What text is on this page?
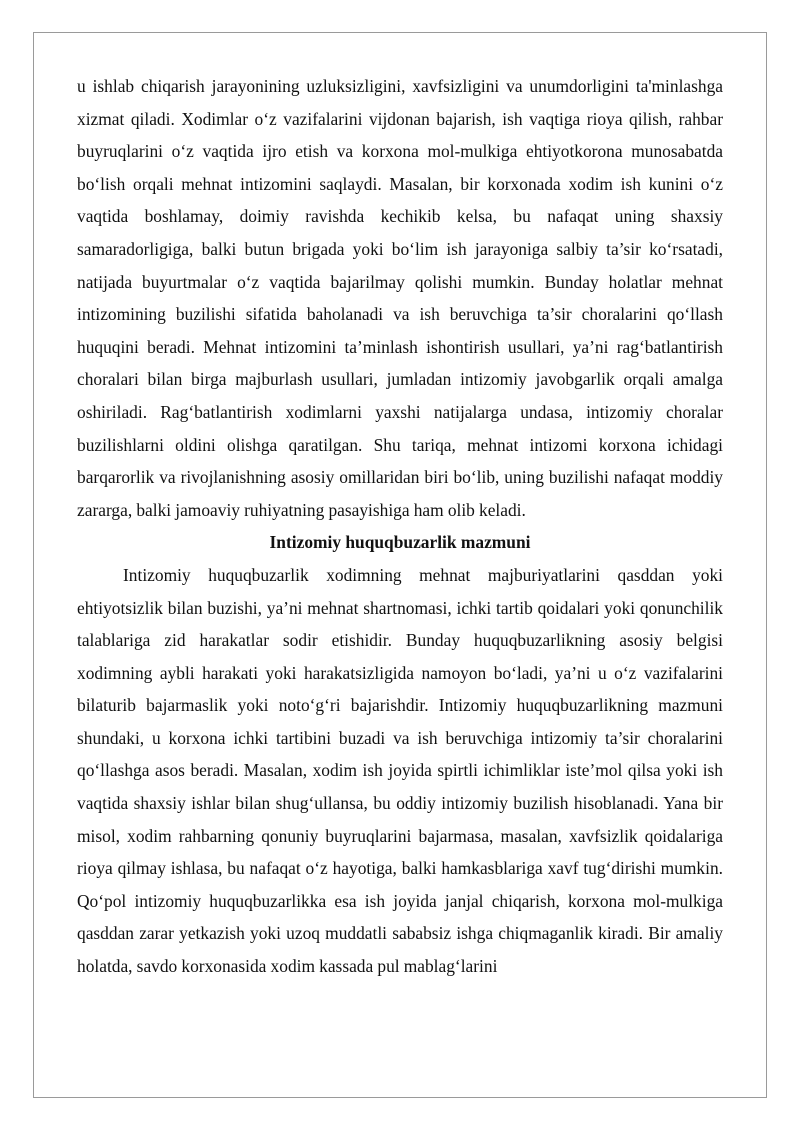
u ishlab chiqarish jarayonining uzluksizligini, xavfsizligini va unumdorligini ta'minlashga xizmat qiladi. Xodimlar o‘z vazifalarini vijdonan bajarish, ish vaqtiga rioya qilish, rahbar buyruqlarini o‘z vaqtida ijro etish va korxona mol-mulkiga ehtiyotkorona munosabatda bo‘lish orqali mehnat intizomini saqlaydi. Masalan, bir korxonada xodim ish kunini o‘z vaqtida boshlamay, doimiy ravishda kechikib kelsa, bu nafaqat uning shaxsiy samaradorligiga, balki butun brigada yoki bo‘lim ish jarayoniga salbiy ta’sir ko‘rsatadi, natijada buyurtmalar o‘z vaqtida bajarilmay qolishi mumkin. Bunday holatlar mehnat intizomining buzilishi sifatida baholanadi va ish beruvchiga ta’sir choralarini qo‘llash huquqini beradi. Mehnat intizomini ta’minlash ishontirish usullari, ya’ni rag‘batlantirish choralari bilan birga majburlash usullari, jumladan intizomiy javobgarlik orqali amalga oshiriladi. Rag‘batlantirish xodimlarni yaxshi natijalarga undasa, intizomiy choralar buzilishlarni oldini olishga qaratilgan. Shu tariqa, mehnat intizomi korxona ichidagi barqarorlik va rivojlanishning asosiy omillaridan biri bo‘lib, uning buzilishi nafaqat moddiy zararga, balki jamoaviy ruhiyatning pasayishiga ham olib keladi.

Intizomiy huquqbuzarlik mazmuni

Intizomiy huquqbuzarlik xodimning mehnat majburiyatlarini qasddan yoki ehtiyotsizlik bilan buzishi, ya’ni mehnat shartnomasi, ichki tartib qoidalari yoki qonunchilik talablariga zid harakatlar sodir etishidir. Bunday huquqbuzarlikning asosiy belgisi xodimning aybli harakati yoki harakatsizligida namoyon bo‘ladi, ya’ni u o‘z vazifalarini bilaturib bajarmaslik yoki noto‘g‘ri bajarishdir. Intizomiy huquqbuzarlikning mazmuni shundaki, u korxona ichki tartibini buzadi va ish beruvchiga intizomiy ta’sir choralarini qo‘llashga asos beradi. Masalan, xodim ish joyida spirtli ichimliklar iste’mol qilsa yoki ish vaqtida shaxsiy ishlar bilan shug‘ullansa, bu oddiy intizomiy buzilish hisoblanadi. Yana bir misol, xodim rahbarning qonuniy buyruqlarini bajarmasa, masalan, xavfsizlik qoidalariga rioya qilmay ishlasa, bu nafaqat o‘z hayotiga, balki hamkasblariga xavf tug‘dirishi mumkin. Qo‘pol intizomiy huquqbuzarlikka esa ish joyida janjal chiqarish, korxona mol-mulkiga qasddan zarar yetkazish yoki uzoq muddatli sababsiz ishga chiqmaganlik kiradi. Bir amaliy holatda, savdo korxonasida xodim kassada pul mablag‘larini
